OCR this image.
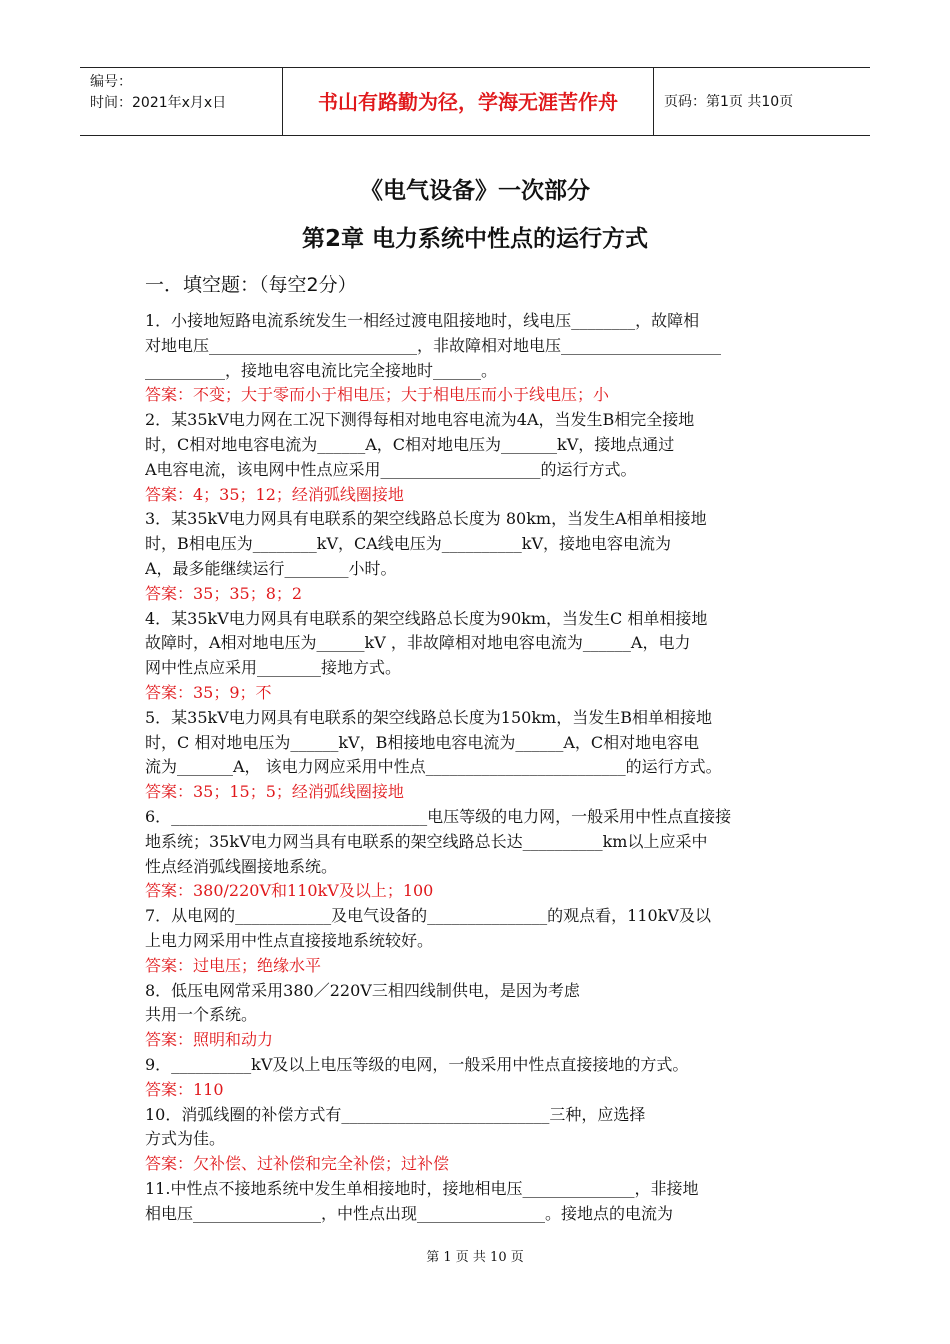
编号：
时间：2021年x月x日	书山有路勤为径，学海无涯苦作舟	页码：第1页 共10页
《电气设备》一次部分
第2章 电力系统中性点的运行方式
一．填空题：（每空2分）
1．小接地短路电流系统发生一相经过渡电阻接地时，线电压________，故障相
对地电压__________________________，非故障相对地电压____________________
__________，接地电容电流比完全接地时______。
答案：不变；大于零而小于相电压；大于相电压而小于线电压；小
2．某35kV电力网在工况下测得每相对地电容电流为4A，当发生B相完全接地
时，C相对地电容电流为______A，C相对地电压为_______kV，接地点通过
A电容电流，该电网中性点应采用____________________的运行方式。
答案：4；35；12；经消弧线圈接地
3．某35kV电力网具有电联系的架空线路总长度为 80km，当发生A相单相接地
时，B相电压为________kV，CA线电压为__________kV，接地电容电流为
A，最多能继续运行________小时。
答案：35；35；8；2
4．某35kV电力网具有电联系的架空线路总长度为90km，当发生C 相单相接地
故障时，A相对地电压为______kV ，非故障相对地电容电流为______A，电力
网中性点应采用________接地方式。
答案：35；9；不
5．某35kV电力网具有电联系的架空线路总长度为150km，当发生B相单相接地
时，C 相对地电压为______kV，B相接地电容电流为______A，C相对地电容电
流为_______A， 该电力网应采用中性点_________________________的运行方式。
答案：35；15；5；经消弧线圈接地
6．________________________________电压等级的电力网，一般采用中性点直接接
地系统；35kV电力网当具有电联系的架空线路总长达__________km以上应采中
性点经消弧线圈接地系统。
答案：380/220V和110kV及以上；100
7．从电网的____________及电气设备的_______________的观点看，110kV及以
上电力网采用中性点直接接地系统较好。
答案：过电压；绝缘水平
8．低压电网常采用380／220V三相四线制供电，是因为考虑
共用一个系统。
答案：照明和动力
9．__________kV及以上电压等级的电网，一般采用中性点直接接地的方式。
答案：110
10．消弧线圈的补偿方式有__________________________三种，应选择
方式为佳。
答案：欠补偿、过补偿和完全补偿；过补偿
11.中性点不接地系统中发生单相接地时，接地相电压______________，非接地
相电压________________，中性点出现________________。接地点的电流为
第 1 页 共 10 页
